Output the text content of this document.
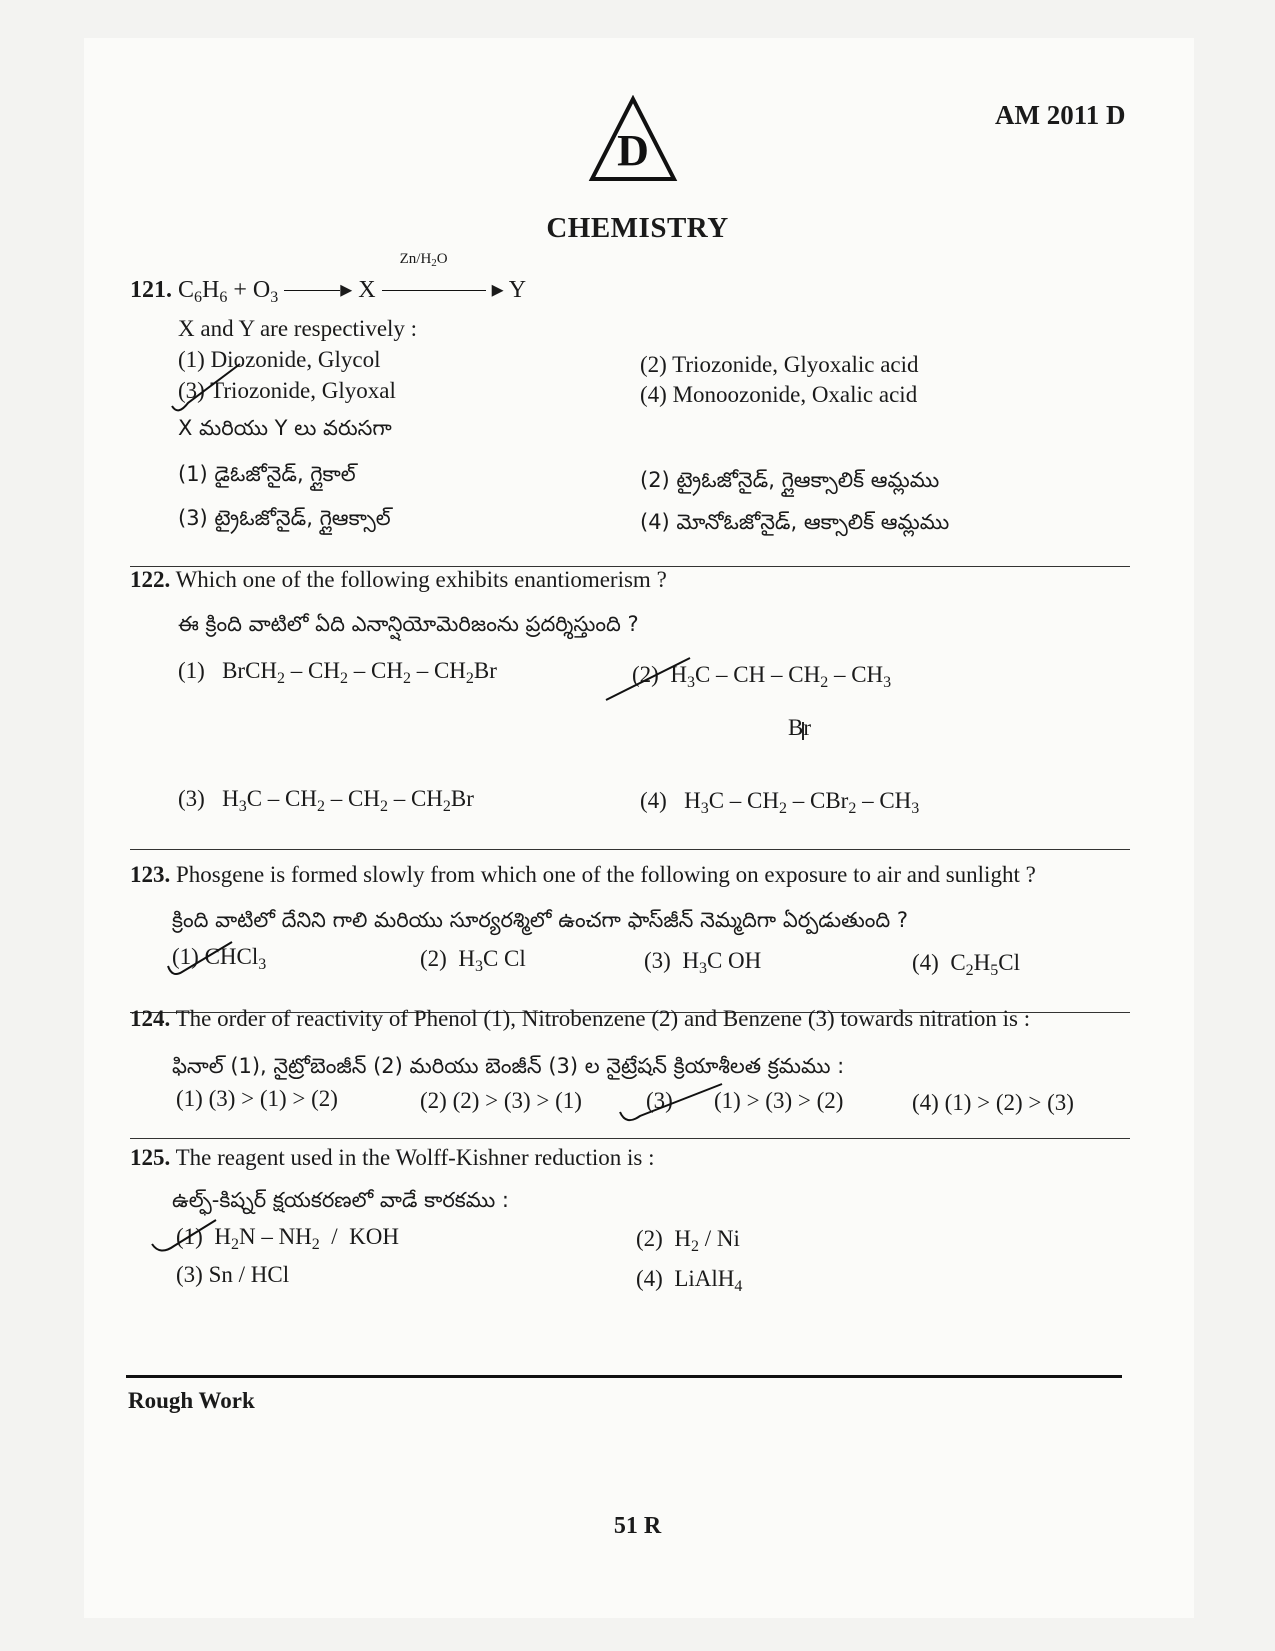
AM 2011 D
D
CHEMISTRY
121. $C_6H_6 + O_3$	▸ X
$Zn/H_2O$
▸ Y
X and Y are respectively :
(1) Diozonide, Glycol	(2) Triozonide, Glyoxalic acid
(3) Triozonide, Glyoxal	(4) Monoozonide, Oxalic acid
X మరియు Y లు వరుసగా
(1) డైఓజోనైడ్, గ్లైకాల్	(2) ట్రైఓజోనైడ్, గ్లైఆక్సాలిక్ ఆమ్లము
(3) ట్రైఓజోనైడ్, గ్లైఆక్సాల్	(4) మోనోఓజోనైడ్, ఆక్సాలిక్ ఆమ్లము
122. Which one of the following exhibits enantiomerism ?
ఈ క్రింది వాటిలో ఏది ఎనాన్షియోమెరిజంను ప్రదర్శిస్తుంది ?
(1)   BrCH$_2$ – $CH_2 - CH_2 - CH_2Br$	(2)  $H_3C$ – CH – $CH_2 - CH_3$
Br
(3)   $H_3C - CH_2 - CH_2 - CH_2Br$	(4)   $H_3C - CH_2 - CBr_2 - CH_3$
123. Phosgene is formed slowly from which one of the following on exposure to air and sunlight ?
క్రింది వాటిలో దేనిని గాలి మరియు సూర్యరశ్మిలో ఉంచగా ఫాస్‌జీన్ నెమ్మదిగా ఏర్పడుతుంది ?
(1) CHCl$_3$	(2)  $H_3C$ Cl	(3)  $H_3C$ OH	(4)  $C_2H_5Cl$
124. The order of reactivity of Phenol (1), Nitrobenzene (2) and Benzene (3) towards nitration is :
ఫినాల్ (1), నైట్రోబెంజీన్ (2) మరియు బెంజీన్ (3) ల నైట్రేషన్ క్రియాశీలత క్రమము :
(1) (3) > (1) > (2)	(2) (2) > (3) > (1)	(3) (1) > (3) > (2)	(4) (1) > (2) > (3)
125. The reagent used in the Wolff-Kishner reduction is :
ఉల్ఫ్-కిష్నర్ క్షయకరణలో వాడే కారకము :
(1)  $H_2N - NH_2$  /  KOH	(2)  $H_2$ / Ni
(3) Sn / HCl	(4)  LiAlH$_4$
Rough Work
51 R
